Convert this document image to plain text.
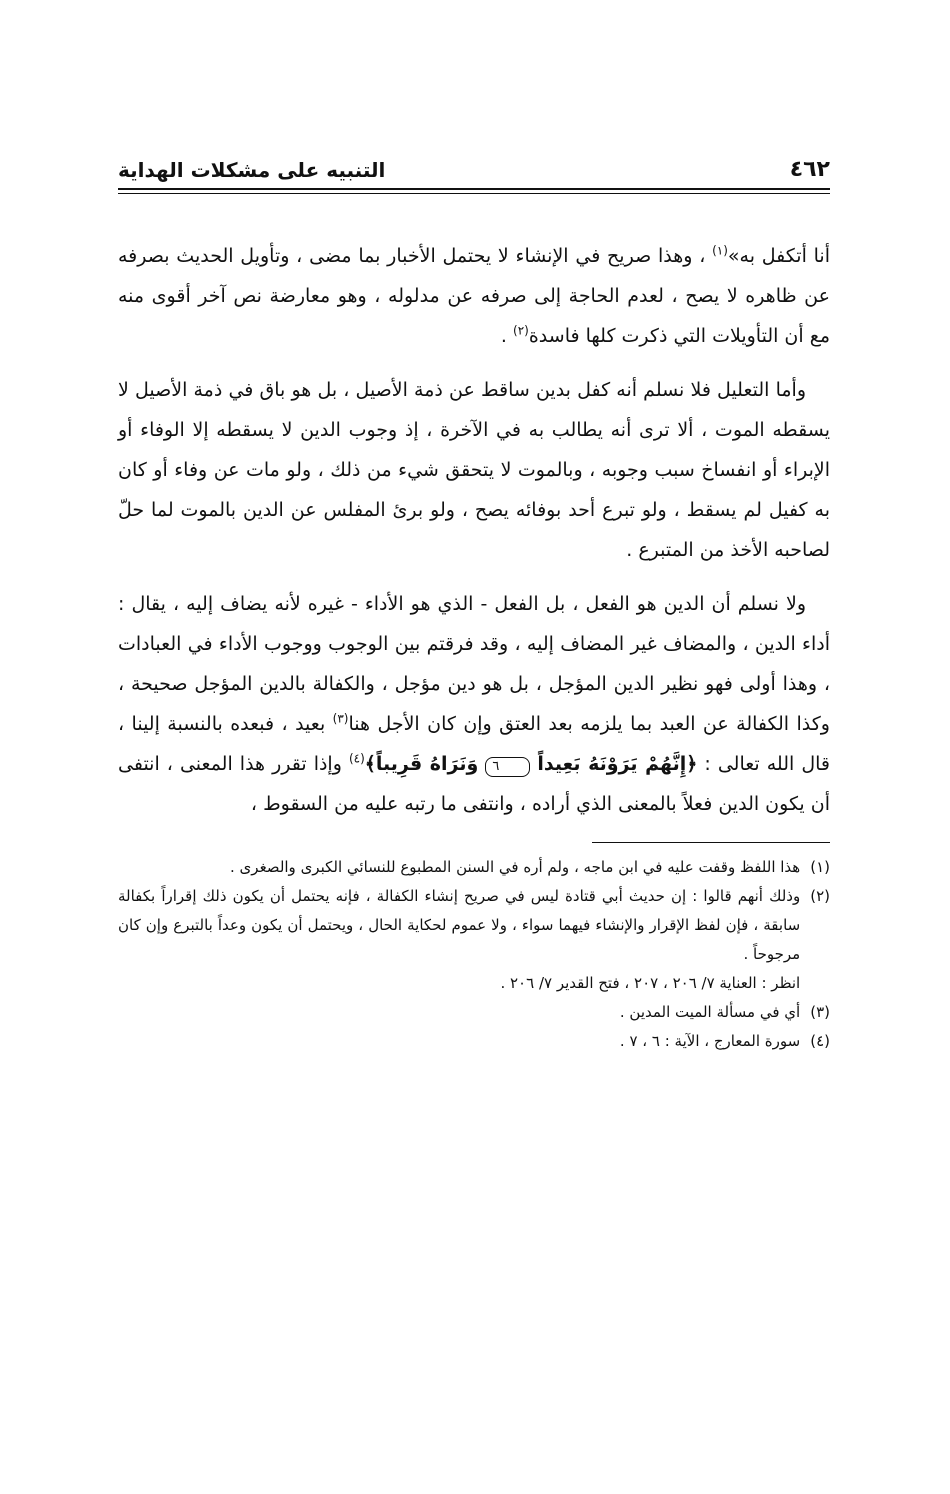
٤٦٢
التنبيه على مشكلات الهداية

أنا أتكفل به»$^{(١)}$ ، وهذا صريح في الإنشاء لا يحتمل الأخبار بما مضى ، وتأويل الحديث بصرفه عن ظاهره لا يصح ، لعدم الحاجة إلى صرفه عن مدلوله ، وهو معارضة نص آخر أقوى منه مع أن التأويلات التي ذكرت كلها فاسدة$^{(٢)}$ .

وأما التعليل فلا نسلم أنه كفل بدين ساقط عن ذمة الأصيل ، بل هو باق في ذمة الأصيل لا يسقطه الموت ، ألا ترى أنه يطالب به في الآخرة ، إذ وجوب الدين لا يسقطه إلا الوفاء أو الإبراء أو انفساخ سبب وجوبه ، وبالموت لا يتحقق شيء من ذلك ، ولو مات عن وفاء أو كان به كفيل لم يسقط ، ولو تبرع أحد بوفائه يصح ، ولو برئ المفلس عن الدين بالموت لما حلّ لصاحبه الأخذ من المتبرع .

ولا نسلم أن الدين هو الفعل ، بل الفعل - الذي هو الأداء - غيره لأنه يضاف إليه ، يقال : أداء الدين ، والمضاف غير المضاف إليه ، وقد فرقتم بين الوجوب ووجوب الأداء في العبادات ، وهذا أولى فهو نظير الدين المؤجل ، بل هو دين مؤجل ، والكفالة بالدين المؤجل صحيحة ، وكذا الكفالة عن العبد بما يلزمه بعد العتق وإن كان الأجل هنا$^{(٣)}$ بعيد ، فبعده بالنسبة إلينا ، قال الله تعالى : ﴿إِنَّهُمْ يَرَوْنَهُ بَعِيداً ٦ وَنَرَاهُ قَرِيباً﴾$^{(٤)}$ وإذا تقرر هذا المعنى ، انتفى أن يكون الدين فعلاً بالمعنى الذي أراده ، وانتفى ما رتبه عليه من السقوط ،

(١)
هذا اللفظ وقفت عليه في ابن ماجه ، ولم أره في السنن المطبوع للنسائي الكبرى والصغرى .
(٢)
وذلك أنهم قالوا : إن حديث أبي قتادة ليس في صريح إنشاء الكفالة ، فإنه يحتمل أن يكون ذلك إقراراً بكفالة سابقة ، فإن لفظ الإقرار والإنشاء فيهما سواء ، ولا عموم لحكاية الحال ، ويحتمل أن يكون وعداً بالتبرع وإن كان مرجوحاً .
انظر : العناية ٧/ ٢٠٦ ، ٢٠٧ ، فتح القدير ٧/ ٢٠٦ .
(٣)
أي في مسألة الميت المدين .
(٤)
سورة المعارج ، الآية : ٦ ، ٧ .
